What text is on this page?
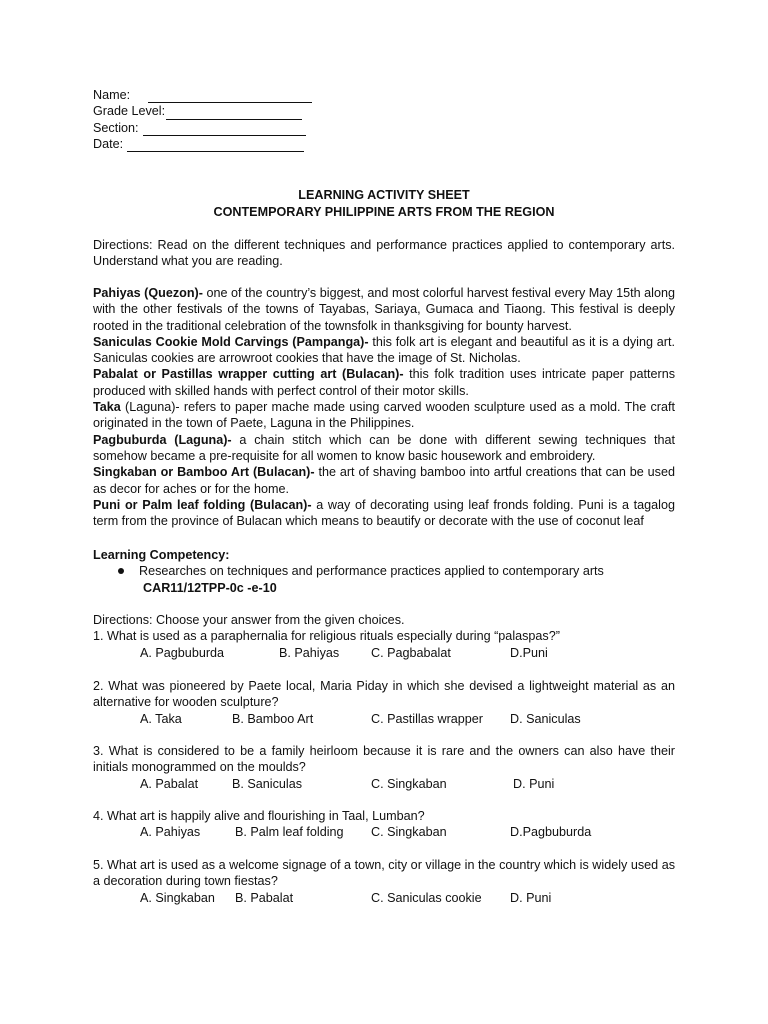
Name:
Grade Level:
Section:
Date:
LEARNING ACTIVITY SHEET
CONTEMPORARY PHILIPPINE ARTS FROM THE REGION

Directions: Read on the different techniques and performance practices applied to contemporary arts. Understand what you are reading.

Pahiyas (Quezon)- one of the country’s biggest, and most colorful harvest festival every May 15th along with the other festivals of the towns of Tayabas, Sariaya, Gumaca and Tiaong. This festival is deeply rooted in the traditional celebration of the townsfolk in thanksgiving for bounty harvest.

Saniculas Cookie Mold Carvings (Pampanga)- this folk art is elegant and beautiful as it is a dying art. Saniculas cookies are arrowroot cookies that have the image of St. Nicholas.

Pabalat or Pastillas wrapper cutting art (Bulacan)- this folk tradition uses intricate paper patterns produced with skilled hands with perfect control of their motor skills.

Taka (Laguna)- refers to paper mache made using carved wooden sculpture used as a mold. The craft originated in the town of Paete, Laguna in the Philippines.

Pagbuburda (Laguna)- a chain stitch which can be done with different sewing techniques that somehow became a pre-requisite for all women to know basic housework and embroidery.

Singkaban or Bamboo Art (Bulacan)- the art of shaving bamboo into artful creations that can be used as decor for aches or for the home.

Puni or Palm leaf folding (Bulacan)- a way of decorating using leaf fronds folding. Puni is a tagalog term from the province of Bulacan which means to beautify or decorate with the use of coconut leaf

Learning Competency:

Researches on techniques and performance practices applied to contemporary arts

CAR11/12TPP-0c -e-10

Directions: Choose your answer from the given choices.

1. What is used as a paraphernalia for religious rituals especially during “palaspas?”

A. Pagbuburda	B. Pahiyas	C. Pagbabalat	D.Puni

2. What was pioneered by Paete local, Maria Piday in which she devised a lightweight material as an alternative for wooden sculpture?

A. Taka	B. Bamboo Art	C. Pastillas wrapper D. Saniculas

3. What is considered to be a family heirloom because it is rare and the owners can also have their initials monogrammed on the moulds?

A. Pabalat	B. Saniculas	C. Singkaban	D. Puni

4. What art is happily alive and flourishing in Taal, Lumban?

A. Pahiyas	B. Palm leaf folding C. Singkaban	D.Pagbuburda

5. What art is used as a welcome signage of a town, city or village in the country which is widely used as a decoration during town fiestas?

A. Singkaban B. Pabalat	C. Saniculas cookie D. Puni
